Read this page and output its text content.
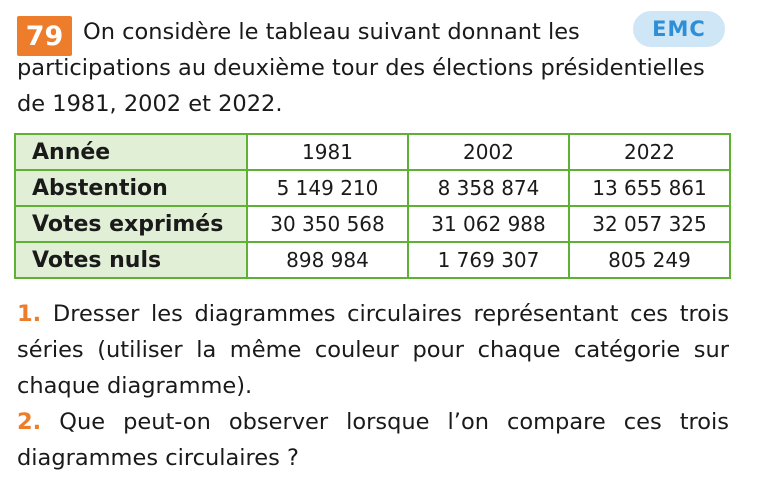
79	EMC

On considère le tableau suivant donnant les participations au deuxième tour des élections présidentielles de 1981, 2002 et 2022.

Année	1981	2002	2022
Abstention	5 149 210	8 358 874	13 655 861
Votes exprimés	30 350 568	31 062 988	32 057 325
Votes nuls	898 984	1 769 307	805 249

1. Dresser les diagrammes circulaires représentant ces trois séries (utiliser la même couleur pour chaque catégorie sur chaque diagramme).

2. Que peut-on observer lorsque l’on compare ces trois diagrammes circulaires ?
